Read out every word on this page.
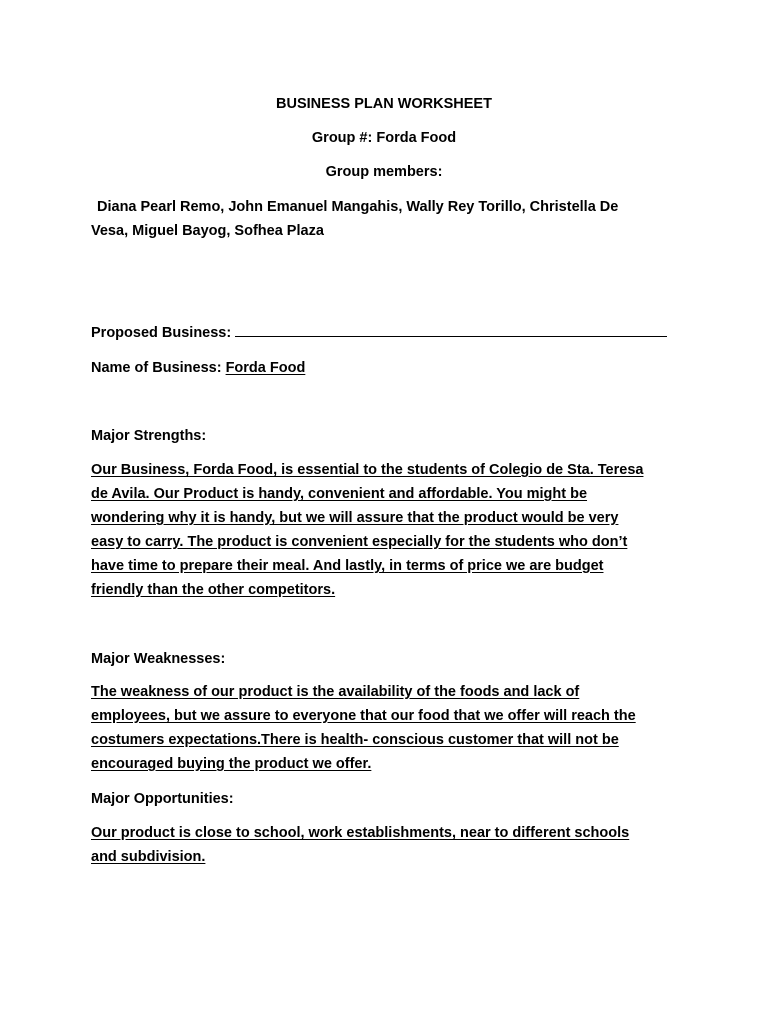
BUSINESS PLAN WORKSHEET
Group #: Forda Food
Group members:
Diana Pearl Remo, John Emanuel Mangahis, Wally Rey Torillo, Christella De
Vesa, Miguel Bayog, Sofhea Plaza
Proposed Business:
Name of Business: Forda Food
Major Strengths:
Our Business, Forda Food, is essential to the students of Colegio de Sta. Teresa
de Avila. Our Product is handy, convenient and affordable. You might be
wondering why it is handy, but we will assure that the product would be very
easy to carry. The product is convenient especially for the students who don’t
have time to prepare their meal. And lastly, in terms of price we are budget
friendly than the other competitors.
Major Weaknesses:
The weakness of our product is the availability of the foods and lack of
employees, but we assure to everyone that our food that we offer will reach the
costumers expectations.There is health- conscious customer that will not be
encouraged buying the product we offer.
Major Opportunities:
Our product is close to school, work establishments, near to different schools
and subdivision.
